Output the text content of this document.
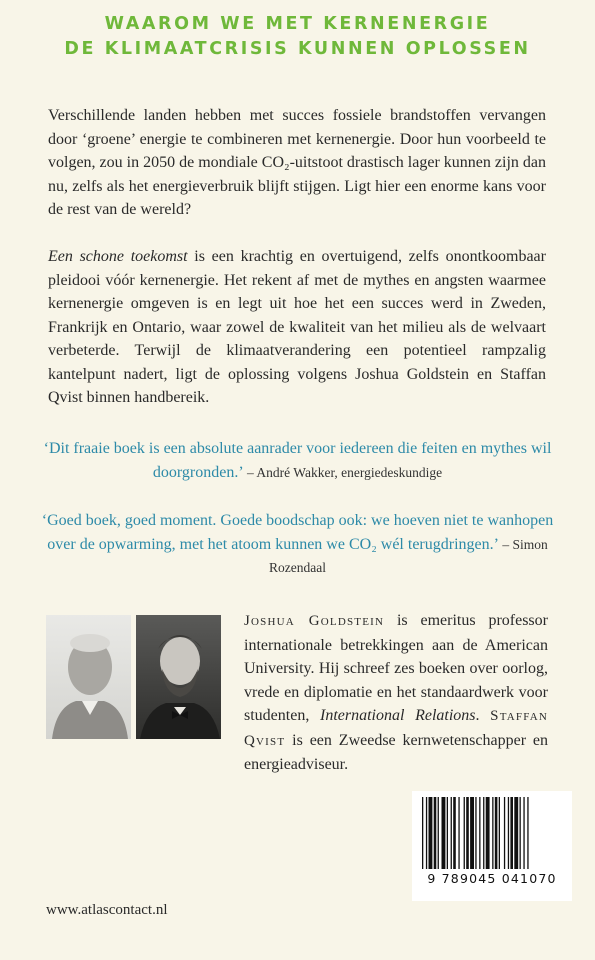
WAAROM WE MET KERNENERGIE
DE KLIMAATCRISIS KUNNEN OPLOSSEN
Verschillende landen hebben met succes fossiele brandstoffen vervangen door ‘groene’ energie te combineren met kernenergie. Door hun voorbeeld te volgen, zou in 2050 de mondiale CO₂-uitstoot drastisch lager kunnen zijn dan nu, zelfs als het energieverbruik blijft stijgen. Ligt hier een enorme kans voor de rest van de wereld?
Een schone toekomst is een krachtig en overtuigend, zelfs onontkoombaar pleidooi vóór kernenergie. Het rekent af met de mythes en angsten waarmee kernenergie omgeven is en legt uit hoe het een succes werd in Zweden, Frankrijk en Ontario, waar zowel de kwaliteit van het milieu als de welvaart verbeterde. Terwijl de klimaatverandering een potentieel rampzalig kantelpunt nadert, ligt de oplossing volgens Joshua Goldstein en Staffan Qvist binnen handbereik.
‘Dit fraaie boek is een absolute aanrader voor iedereen die feiten en mythes wil doorgronden.’ – André Wakker, energiedeskundige
‘Goed boek, goed moment. Goede boodschap ook: we hoeven niet te wanhopen over de opwarming, met het atoom kunnen we CO₂ wél terugdringen.’ – Simon Rozendaal
Joshua Goldstein is emeritus professor internationale betrekkingen aan de American University. Hij schreef zes boeken over oorlog, vrede en diplomatie en het standaardwerk voor studenten, International Relations. Staffan Qvist is een Zweedse kernwetenschapper en energieadviseur.
9 789045 041070
www.atlascontact.nl
